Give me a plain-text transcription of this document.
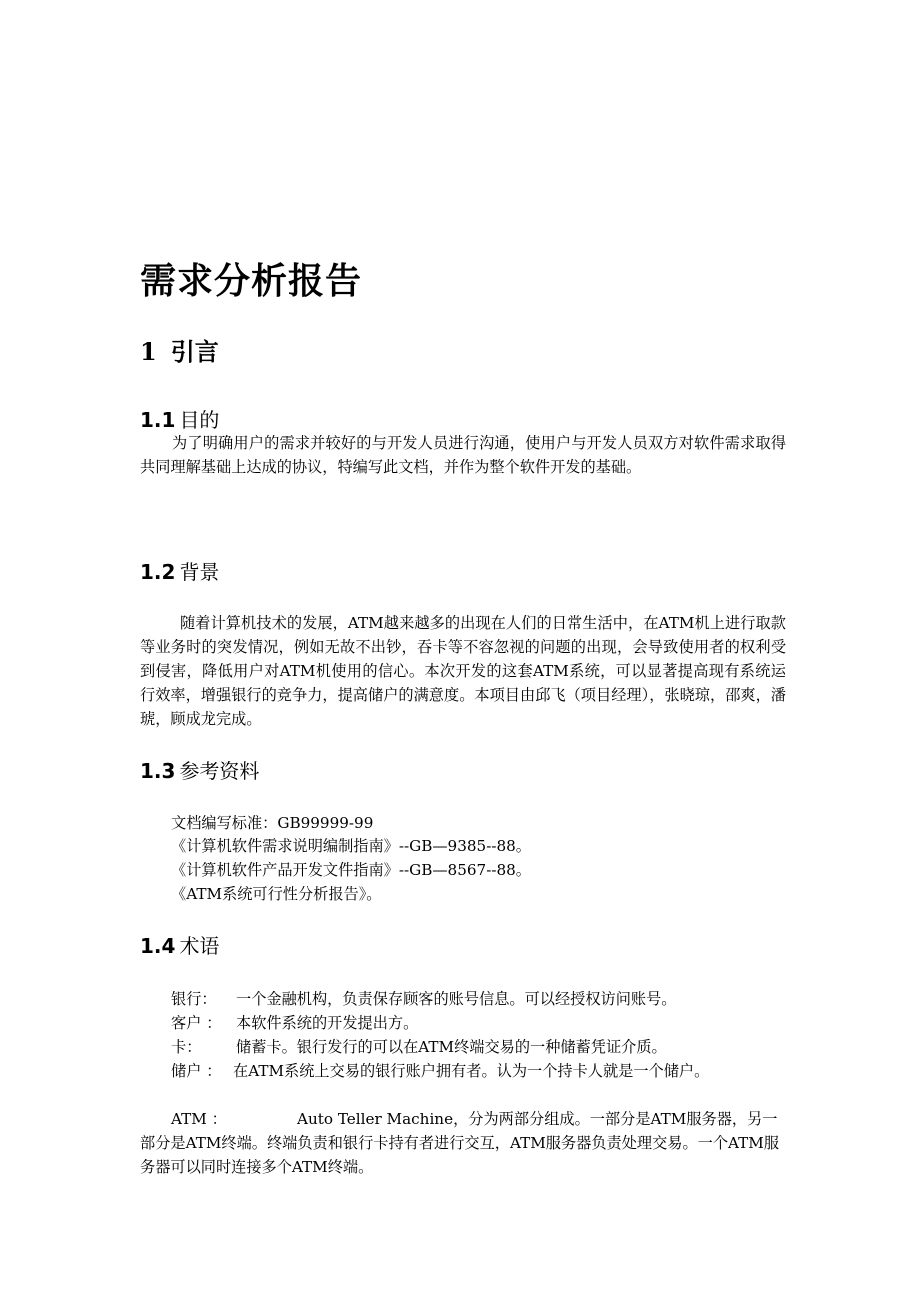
需求分析报告
1 引言
1.1 目的

为了明确用户的需求并较好的与开发人员进行沟通，使用户与开发人员双方对软件需求取得共同理解基础上达成的协议，特编写此文档，并作为整个软件开发的基础。

1.2 背景

随着计算机技术的发展，ATM越来越多的出现在人们的日常生活中，在ATM机上进行取款等业务时的突发情况，例如无故不出钞，吞卡等不容忽视的问题的出现，会导致使用者的权利受到侵害，降低用户对ATM机使用的信心。本次开发的这套ATM系统，可以显著提高现有系统运行效率，增强银行的竞争力，提高储户的满意度。本项目由邱飞（项目经理），张晓琼，邵爽，潘琥，顾成龙完成。

1.3 参考资料

文档编写标准：GB99999-99

《计算机软件需求说明编制指南》--GB—9385--88。

《计算机软件产品开发文件指南》--GB—8567--88。

《ATM系统可行性分析报告》。

1.4 术语

银行： 一个金融机构，负责保存顾客的账号信息。可以经授权访问账号。

客户 ： 本软件系统的开发提出方。

卡： 储蓄卡。银行发行的可以在ATM终端交易的一种储蓄凭证介质。

储户 ： 在ATM系统上交易的银行账户拥有者。认为一个持卡人就是一个储户。

ATM ：	Auto Teller Machine，分为两部分组成。一部分是ATM服务器，另一部分是ATM终端。终端负责和银行卡持有者进行交互，ATM服务器负责处理交易。一个ATM服务器可以同时连接多个ATM终端。
